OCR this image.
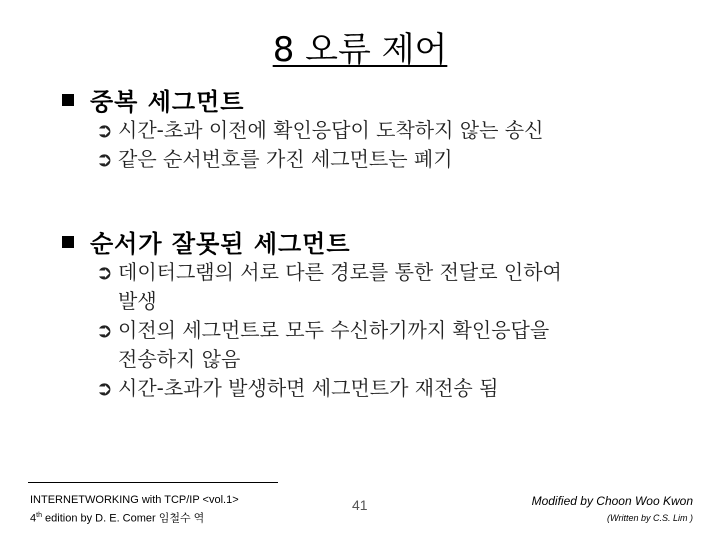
8 오류 제어
중복 세그먼트
➲ 시간-초과 이전에 확인응답이 도착하지 않는 송신
➲ 같은 순서번호를 가진 세그먼트는 폐기
순서가 잘못된 세그먼트
➲ 데이터그램의 서로 다른 경로를 통한 전달로 인하여
발생
➲ 이전의 세그먼트로 모두 수신하기까지 확인응답을
전송하지 않음
➲ 시간-초과가 발생하면 세그먼트가 재전송 됨
INTERNETWORKING with TCP/IP <vol.1>
4th edition by D. E. Comer 임철수 역
41	Modified by Choon Woo Kwon
(Written by C.S. Lim )
